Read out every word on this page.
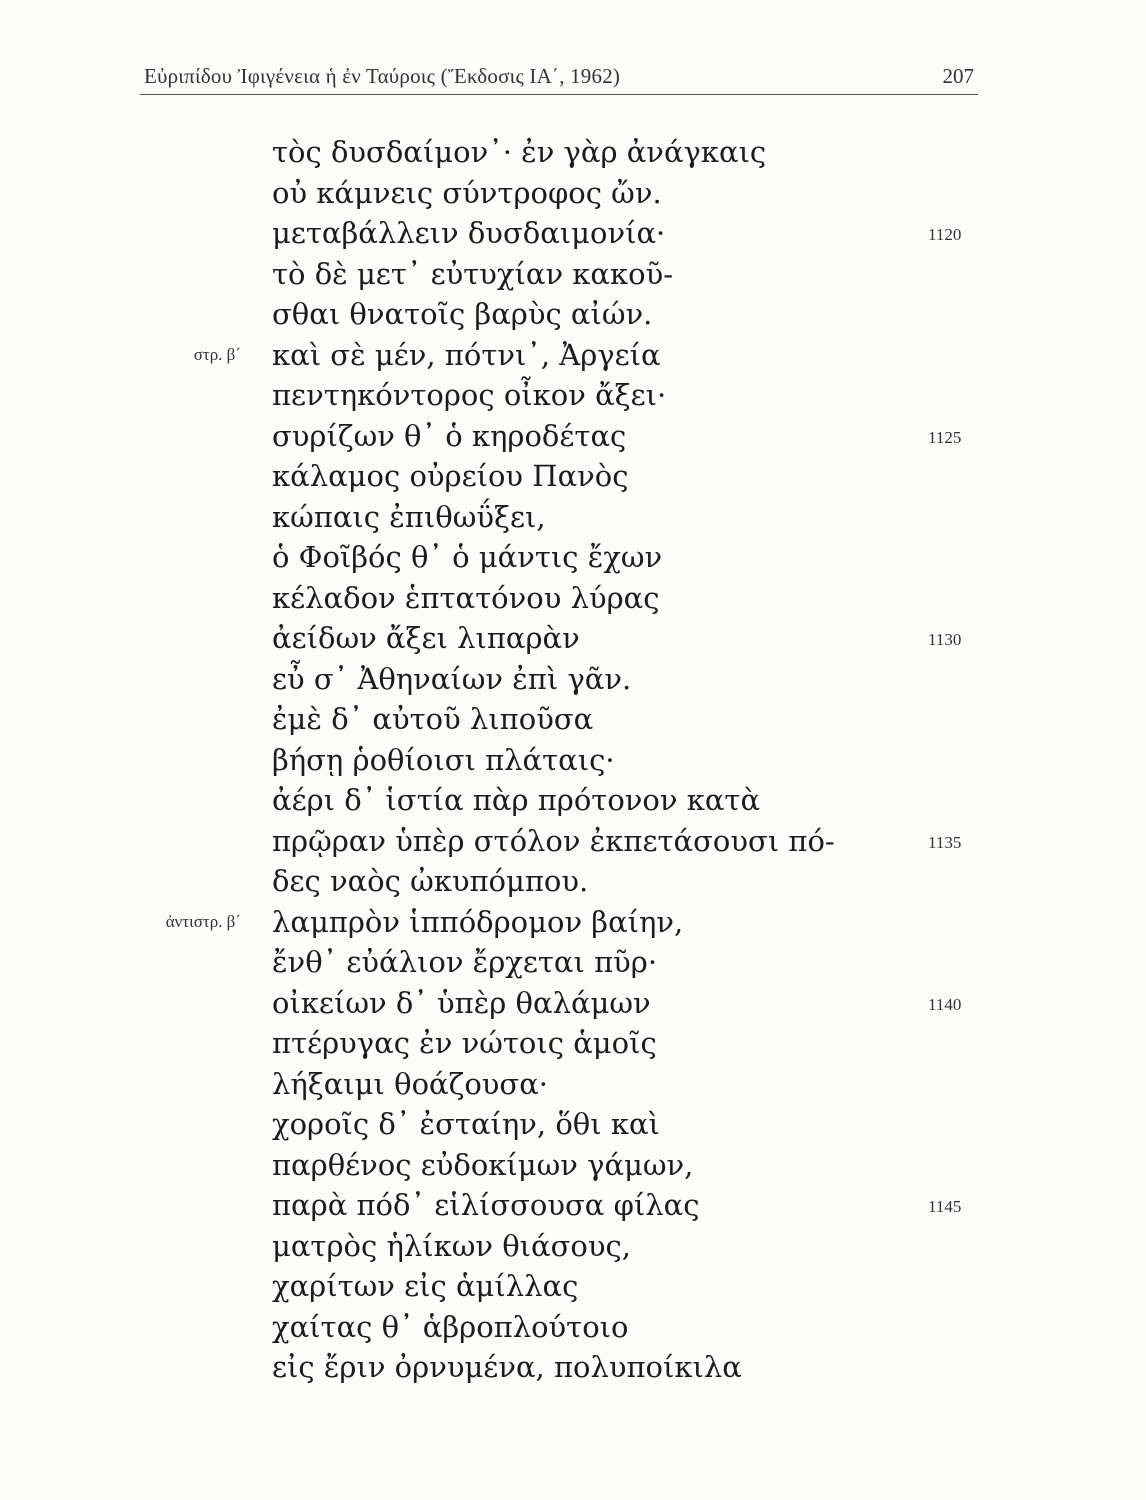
Εὐριπίδου Ἰφιγένεια ἡ ἐν Ταύροις (Ἔκδοσις ΙΑ΄, 1962)	207
τὸς δυσδαίμον᾽· ἐν γὰρ ἀνάγκαις
οὐ κάμνεις σύντροφος ὤν.
μεταβάλλειν δυσδαιμονία·	1120
τὸ δὲ μετ᾽ εὐτυχίαν κακοῦ-
σθαι θνατοῖς βαρὺς αἰών.
καὶ σὲ μέν, πότνι᾽, Ἀργεία
στρ. β΄
πεντηκόντορος οἶκον ἄξει·
συρίζων θ᾽ ὁ κηροδέτας	1125
κάλαμος οὐρείου Πανὸς
κώπαις ἐπιθωΰξει,
ὁ Φοῖβός θ᾽ ὁ μάντις ἔχων
κέλαδον ἑπτατόνου λύρας
ἀείδων ἄξει λιπαρὰν	1130
εὖ σ᾽ Ἀθηναίων ἐπὶ γᾶν.
ἐμὲ δ᾽ αὐτοῦ λιποῦσα
βήσῃ ῥοθίοισι πλάταις·
ἀέρι δ᾽ ἱστία πὰρ πρότονον κατὰ
πρῷραν ὑπὲρ στόλον ἐκπετάσουσι πό-	1135
δες ναὸς ὠκυπόμπου.
λαμπρὸν ἱππόδρομον βαίην,
ἀντιστρ. β΄
ἔνθ᾽ εὐάλιον ἔρχεται πῦρ·
οἰκείων δ᾽ ὑπὲρ θαλάμων	1140
πτέρυγας ἐν νώτοις ἁμοῖς
λήξαιμι θοάζουσα·
χοροῖς δ᾽ ἐσταίην, ὅθι καὶ
παρθένος εὐδοκίμων γάμων,
παρὰ πόδ᾽ εἱλίσσουσα φίλας	1145
ματρὸς ἡλίκων θιάσους,
χαρίτων εἰς ἁμίλλας
χαίτας θ᾽ ἁβροπλούτοιο
εἰς ἔριν ὀρνυμένα, πολυποίκιλα
